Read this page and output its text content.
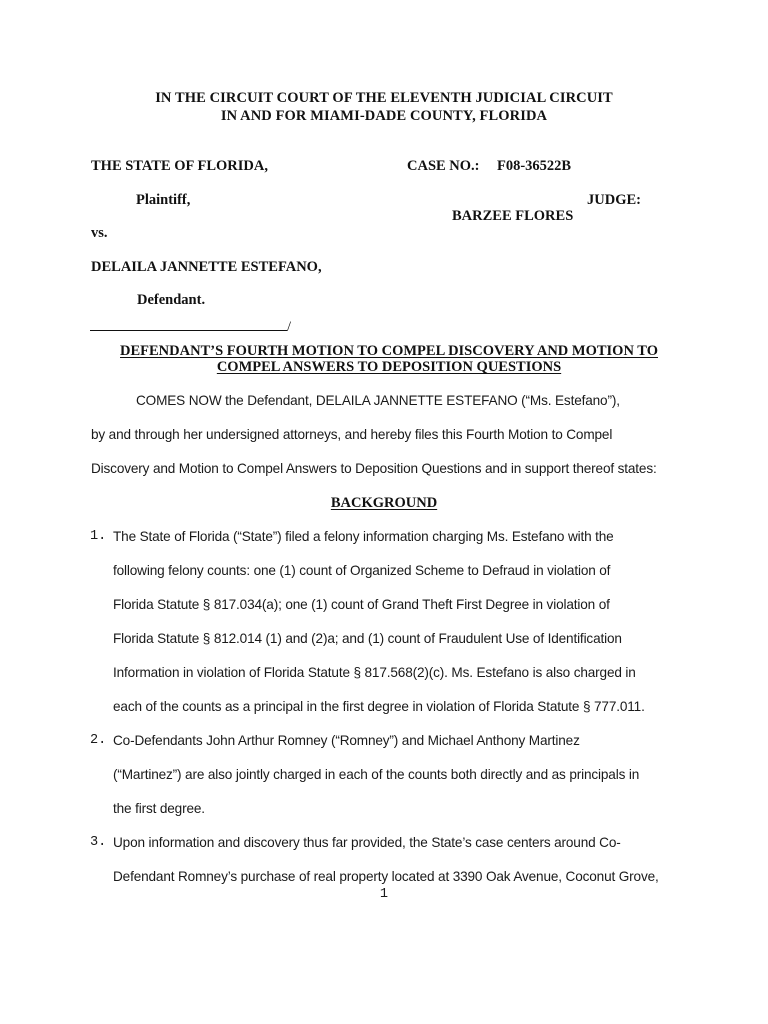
IN THE CIRCUIT COURT OF THE ELEVENTH JUDICIAL CIRCUIT
IN AND FOR MIAMI-DADE COUNTY, FLORIDA
THE STATE OF FLORIDA,	CASE NO.: F08-36522B
Plaintiff,	JUDGE:
BARZEE FLORES
vs.
DELAILA JANNETTE ESTEFANO,
Defendant.
/
DEFENDANT’S FOURTH MOTION TO COMPEL DISCOVERY AND MOTION TO
COMPEL ANSWERS TO DEPOSITION QUESTIONS
COMES NOW the Defendant, DELAILA JANNETTE ESTEFANO (“Ms. Estefano”),
by and through her undersigned attorneys, and hereby files this Fourth Motion to Compel
Discovery and Motion to Compel Answers to Deposition Questions and in support thereof states:
BACKGROUND
1. The State of Florida (“State”) filed a felony information charging Ms. Estefano with the
following felony counts: one (1) count of Organized Scheme to Defraud in violation of
Florida Statute § 817.034(a); one (1) count of Grand Theft First Degree in violation of
Florida Statute § 812.014 (1) and (2)a; and (1) count of Fraudulent Use of Identification
Information in violation of Florida Statute § 817.568(2)(c). Ms. Estefano is also charged in
each of the counts as a principal in the first degree in violation of Florida Statute § 777.011.
2. Co-Defendants John Arthur Romney (“Romney”) and Michael Anthony Martinez
(“Martinez”) are also jointly charged in each of the counts both directly and as principals in
the first degree.
3. Upon information and discovery thus far provided, the State’s case centers around Co-
Defendant Romney’s purchase of real property located at 3390 Oak Avenue, Coconut Grove,
1
